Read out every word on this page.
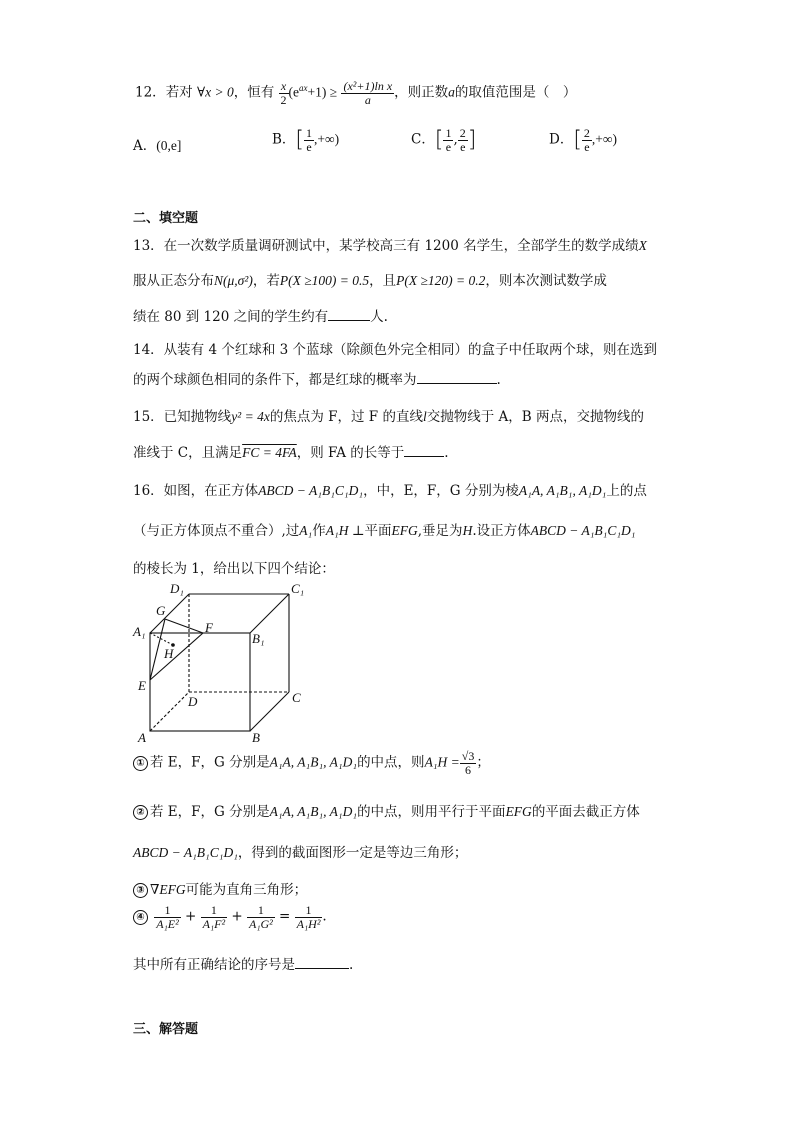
12．若对 ∀x > 0，恒有 $\frac{x}{2} (e^{ax}+1) \ge \frac{\text{(x²+1)ln x}}{a}$ ，则正数a的取值范围是（　）
A．(0,e]	B．[ $\frac{1}{e}$ ,+∞)	C．[ $\frac{1}{e}$ , $\frac{2}{e}$ ]	D．[ $\frac{2}{e}$ ,+∞)
二、填空题
13．在一次数学质量调研测试中，某学校高三有 1200 名学生，全部学生的数学成绩X
服从正态分布N(μ,σ²)，若P(X ≥100) = 0.5，且P(X ≥120) = 0.2，则本次测试数学成
绩在 80 到 120 之间的学生约有	人.
14．从装有 4 个红球和 3 个蓝球（除颜色外完全相同）的盒子中任取两个球，则在选到
的两个球颜色相同的条件下，都是红球的概率为	.
15．已知抛物线y² = 4x的焦点为 F，过 F 的直线l交抛物线于 A，B 两点，交抛物线的
准线于 C，且满足FC = 4FA，则 FA 的长等于	.
16．如图，在正方体ABCD − A₁B₁C₁D₁，中，E，F，G 分别为棱A₁A, A₁B₁, A₁D₁上的点
（与正方体顶点不重合）,过A₁作A₁H ⊥平面EFG,垂足为H.设正方体ABCD − A₁B₁C₁D₁
的棱长为 1，给出以下四个结论：
D₁	C₁
G
A₁	F
B₁
H
E
D	C
A	B
① 若 E，F，G 分别是A₁A, A₁B₁, A₁D₁的中点，则$A_1H = \frac{√3}{6}$ ；
② 若 E，F，G 分别是A₁A, A₁B₁, A₁D₁的中点，则用平行于平面EFG的平面去截正方体
ABCD − A₁B₁C₁D₁，得到的截面图形一定是等边三角形；
③ ∇EFG可能为直角三角形；
④ $\frac{1}{\text{A₁E²}} + \frac{1}{\text{A₁F²}} + \frac{1}{\text{A₁G²}} = \frac{1}{\text{A₁H²}}$ .
其中所有正确结论的序号是	.
三、解答题
